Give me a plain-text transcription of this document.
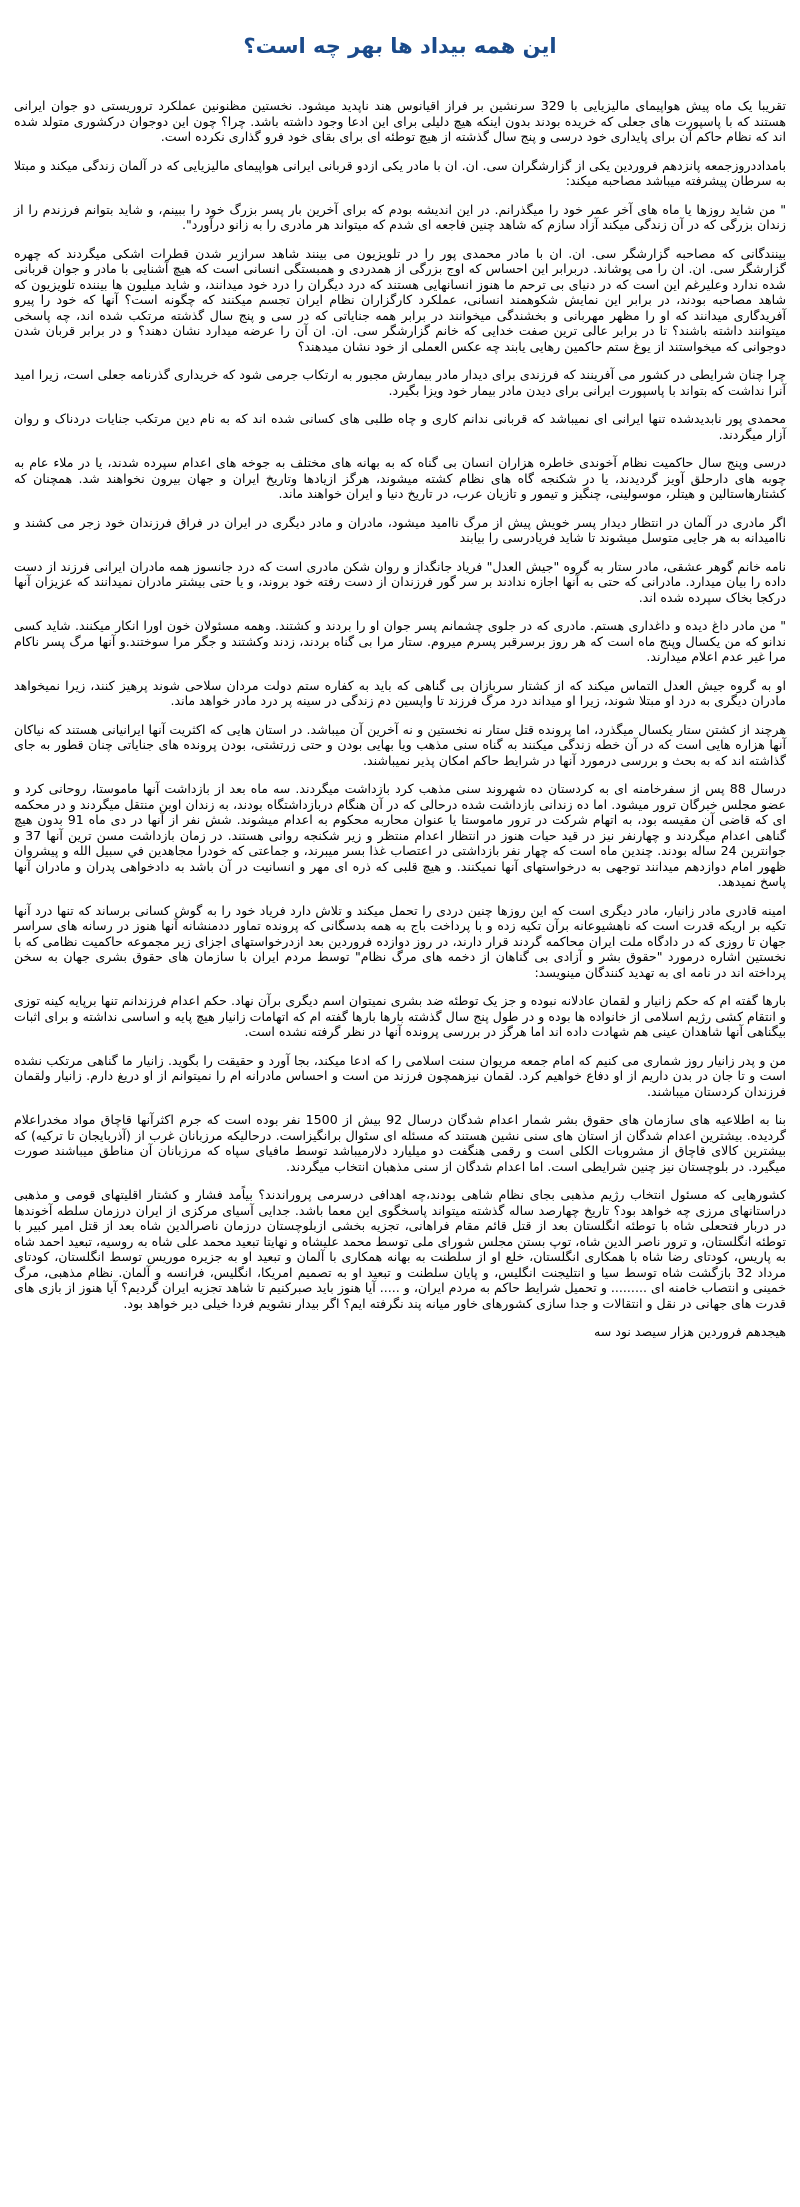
این همه بیداد ها بهر چه است؟

تقریبا یک ماه پیش هواپیمای مالیزیایی با 329 سرنشین بر فراز اقیانوس هند ناپدید میشود. نخستین مظنونین عملکرد تروریستی دو جوان ایرانی هستند که با پاسپورت های جعلی که خریده بودند بدون اینکه هیچ دلیلی برای این ادعا وجود داشته باشد. چرا؟ چون این دوجوان درکشوری متولد شده اند که نظام حاکم آن برای پایداری خود درسی و پنج سال گذشته از هیچ توطئه ای برای بقای خود فرو گذاری نکرده است.

بامداددروزجمعه پانزدهم فروردین یکی از گزارشگران سی. ان. ان با مادر یکی ازدو قربانی ایرانی هواپیمای مالیزیایی که در آلمان زندگی میکند و مبتلا به سرطان پیشرفته میباشد مصاحبه میکند:

" من شاید روزها یا ماه های آخر عمر خود را میگذرانم. در این اندیشه بودم که برای آخرین بار پسر بزرگ خود را ببینم، و شاید بتوانم فرزندم را از زندان بزرگی که در آن زندگی میکند آزاد سازم که شاهد چنین فاجعه ای شدم که میتواند هر مادری را به زانو درآورد".

بینندگانی که مصاحبه گزارشگر سی. ان. ان با مادر محمدی پور را در تلویزیون می بینند شاهد سرازیر شدن قطرات اشکی میگردند که چهره گزارشگر سی. ان. ان را می پوشاند. دربرابر این احساس که اوج بزرگی از همدردی و همبستگی انسانی است که هیچ آشنایی با مادر و جوان قربانی شده ندارد وعلیرغم این است که در دنیای بی ترحم ما هنوز انسانهایی هستند که درد دیگران را درد خود میدانند، و شاید میلیون ها بیننده تلویزیون که شاهد مصاحبه بودند، در برابر این نمایش شکوهمند انسانی، عملکرد کارگزاران نظام ایران تجسم میکنند که چگونه است؟ آنها که خود را پیرو آفریدگاری میدانند که او را مظهر مهربانی و بخشندگی میخوانند در برابر همه جنایاتی که در سی و پنج سال گذشته مرتکب شده اند، چه پاسخی میتوانند داشته باشند؟ تا در برابر عالی ترین صفت خدایی که خانم گزارشگر سی. ان. ان آن را عرضه میدارد نشان دهند؟ و در برابر قربان شدن دوجوانی که میخواستند از یوغ ستم حاکمین رهایی یابند چه عکس العملی از خود نشان میدهند؟

چرا چنان شرایطی در کشور می آفرینند که فرزندی برای دیدار مادر بیمارش مجبور به ارتکاب جرمی شود که خریداری گذرنامه جعلی است، زیرا امید آنرا نداشت که بتواند با پاسپورت ایرانی برای دیدن مادر بیمار خود ویزا بگیرد.

محمدی پور نابدیدشده تنها ایرانی ای نمیباشد که قربانی ندانم کاری و چاه طلبی های کسانی شده اند که به نام دین مرتکب جنایات دردناک و روان آزار میگردند.

درسی وپنج سال حاکمیت نظام آخوندی خاطره هزاران انسان بی گناه که به بهانه های مختلف به جوخه های اعدام سپرده شدند، یا در ملاء عام به چوبه های دارحلق آویز گردیدند، یا در شکنجه گاه های نظام کشته میشوند، هرگز ازیادها وتاریخ ایران و جهان بیرون نخواهند شد. همچنان که کشتارهاستالین و هیتلر، موسولینی، چنگیز و تیمور و تازیان عرب، در تاریخ دنیا و ایران خواهند ماند.

اگر مادری در آلمان در انتظار دیدار پسر خویش پیش از مرگ ناامید میشود، مادران و مادر دیگری در ایران در فراق فرزندان خود زجر می کشند و ناامیدانه به هر جایی متوسل میشوند تا شاید فریادرسی را بیابند

نامه خانم گوهر عشقی، مادر ستار به گروه "جیش العدل" فریاد جانگداز و روان شکن مادری است که درد جانسوز همه مادران ایرانی فرزند از دست داده را بیان میدارد. مادرانی که حتی به آنها اجازه ندادند بر سر گور فرزندان از دست رفته خود بروند، و یا حتی بیشتر مادران نمیدانند که عزیزان آنها درکجا بخاک سپرده شده اند.

" من مادر داغ دیده و داغداری هستم. مادری که در جلوی چشمانم پسر جوان او را بردند و کشتند. وهمه مسئولان خون اورا انکار میکنند. شاید کسی ندانو که من یکسال وپنج ماه است که هر روز برسرقبر پسرم میروم. ستار مرا بی گناه بردند، زدند وکشتند و جگر مرا سوختند.و آنها مرگ پسر ناکام مرا غیر عدم اعلام میدارند.

او به گروه جیش العدل التماس میکند که از کشتار سربازان بی گناهی که باید به کفاره ستم دولت مردان سلاحی شوند پرهیز کنند، زیرا نمیخواهد مادران دیگری به درد او مبتلا شوند، زیرا او میداند درد مرگ فرزند تا واپسین دم زندگی در سینه پر درد مادر خواهد ماند.

هرچند از کشتن ستار یکسال میگذرد، اما پرونده قتل ستار نه نخستین و نه آخرین آن میباشد. در استان هایی که اکثریت آنها ایرانیانی هستند که نیاکان آنها هزاره هایی است که در آن خطه زندگی میکنند به گناه سنی مذهب ویا بهایی بودن و حتی زرتشتی، بودن پرونده های جنایاتی چنان قطور به جای گذاشته اند که به بحث و بررسی درمورد آنها در شرایط حاکم امکان پذیر نمیباشند.

درسال 88 پس از سفرخامنه ای به کردستان ده شهروند سنی مذهب کرد بازداشت میگردند. سه ماه بعد از بازداشت آنها ماموستا، روحانی کرد و عضو مجلس خبرگان ترور میشود. اما ده زندانی بازداشت شده درحالی که در آن هنگام دربازداشتگاه بودند، به زندان اوین منتقل میگردند و در محکمه ای که قاضی آن مقیسه بود، به اتهام شرکت در ترور ماموستا یا عنوان محاربه محکوم به اعدام میشوند. شش نفر از آنها در دی ماه 91 بدون هیچ گناهی اعدام میگردند و چهارنفر نیز در قید حیات هنوز در انتظار اعدام منتظر و زیر شکنجه روانی هستند. در زمان بازداشت مسن ترین آنها 37 و جوانترین 24 ساله بودند. چندین ماه است که چهار نفر بازداشتی در اعتصاب غذا بسر میبرند، و جماعتی که خودرا مجاهدین في سبیل الله و پیشروان ظهور امام دوازدهم میدانند توجهی به درخواستهای آنها نمیکنند. و هیچ قلبی که ذره ای مهر و انسانیت در آن باشد به دادخواهی پدران و مادران آنها پاسخ نمیدهد.

امینه قادری مادر زانیار، مادر دیگری است که این روزها چنین دردی را تحمل میکند و تلاش دارد فریاد خود را به گوش کسانی برساند که تنها درد آنها تکیه بر اریکه قدرت است که ناهشیوعانه برآن تکیه زده و با پرداخت باج به همه بدسگانی که پرونده تماور ددمنشانه آنها هنوز در رسانه های سراسر جهان تا روزی که در دادگاه ملت ایران محاکمه گردند قرار دارند، در روز دوازده فروردین بعد ازدرخواستهای اجزای زیر مجموعه حاکمیت نظامی که با نخستین اشاره درمورد "حقوق بشر و آزادی بی گناهان از دخمه های مرگ نظام" توسط مردم ایران با سازمان های حقوق بشری جهان به سخن پرداخته اند در نامه ای به تهدید کنندگان مینویسد:

بارها گفته ام که حکم زانیار و لقمان عادلانه نبوده و جز یک توطئه ضد بشری نمیتوان اسم دیگری برآن نهاد. حکم اعدام فرزندانم تنها برپایه کینه توزی و انتقام کشی رژیم اسلامی از خانواده ها بوده و در طول پنج سال گذشته بارها بارها گفته ام که اتهامات زانیار هیچ پایه و اساسی نداشته و برای اثبات بیگناهی آنها شاهدان عینی هم شهادت داده اند اما هرگز در بررسی پرونده آنها در نظر گرفته نشده است.

من و پدر زانیار روز شماری می کنیم که امام جمعه مریوان سنت اسلامی را که ادعا میکند، بجا آورد و حقیقت را بگوید. زانیار ما گناهی مرتکب نشده است و تا جان در بدن داریم از او دفاع خواهیم کرد. لقمان نیزهمچون فرزند من است و احساس مادرانه ام را نمیتوانم از او دریغ دارم. زانیار ولقمان فرزندان کردستان میباشند.

بنا به اطلاعیه های سازمان های حقوق بشر شمار اعدام شدگان درسال 92 بیش از 1500 نفر بوده است که جرم اکثرآنها قاچاق مواد مخدراعلام گردیده. بیشترین اعدام شدگان از استان های سنی نشین هستند که مسئله ای سئوال برانگیزاست. درحالیکه مرزبانان غرب از (آذربایجان تا ترکیه) که بیشترین کالای قاچاق از مشروبات الکلی است و رقمی هنگفت دو میلیارد دلارمیباشد توسط مافیای سپاه که مرزبانان آن مناطق میباشند صورت میگیرد. در بلوچستان نیز چنین شرایطی است. اما اعدام شدگان از سنی مذهبان انتخاب میگردند.

کشورهایی که مسئول انتخاب رژیم مذهبی بجای نظام شاهی بودند،چه اهدافی درسرمی پروراندند؟ بیاًمد فشار و کشتار اقلیتهای قومی و مذهبی دراستانهای مرزی چه خواهد بود؟ تاریخ چهارصد ساله گذشته میتواند پاسخگوی این معما باشد. جدایی آسیای مرکزی از ایران درزمان سلطه آخوندها در دربار فتحعلی شاه با توطئه انگلستان بعد از قتل قائم مقام فراهانی، تجزیه بخشی ازبلوچستان درزمان ناصرالدین شاه بعد از قتل امیر کبیر با توطئه انگلستان، و ترور ناصر الدین شاه، توپ بستن مجلس شورای ملی توسط محمد علیشاه و نهایتا تبعید محمد علی شاه به روسیه، تبعید احمد شاه به پاریس، کودتای رضا شاه با همکاری انگلستان، خلع او از سلطنت به بهانه همکاری با آلمان و تبعید او به جزیره موریس توسط انگلستان، کودتای مرداد 32 بازگشت شاه توسط سیا و انتلیجنت انگلیس، و پایان سلطنت و تبعید او به تصمیم امریکا، انگلیس، فرانسه و آلمان. نظام مذهبی، مرگ خمینی و انتصاب خامنه ای ......... و تحمیل شرایط حاکم به مردم ایران، و ..... آیا هنوز باید صبرکنیم تا شاهد تجزیه ایران گردیم؟ آیا هنوز از بازی های قدرت های جهانی در نقل و انتقالات و جدا سازی کشورهای خاور میانه پند نگرفته ایم؟ اگر بیدار نشویم فردا خیلی دیر خواهد بود.

هیجدهم فروردین هزار سیصد نود سه
